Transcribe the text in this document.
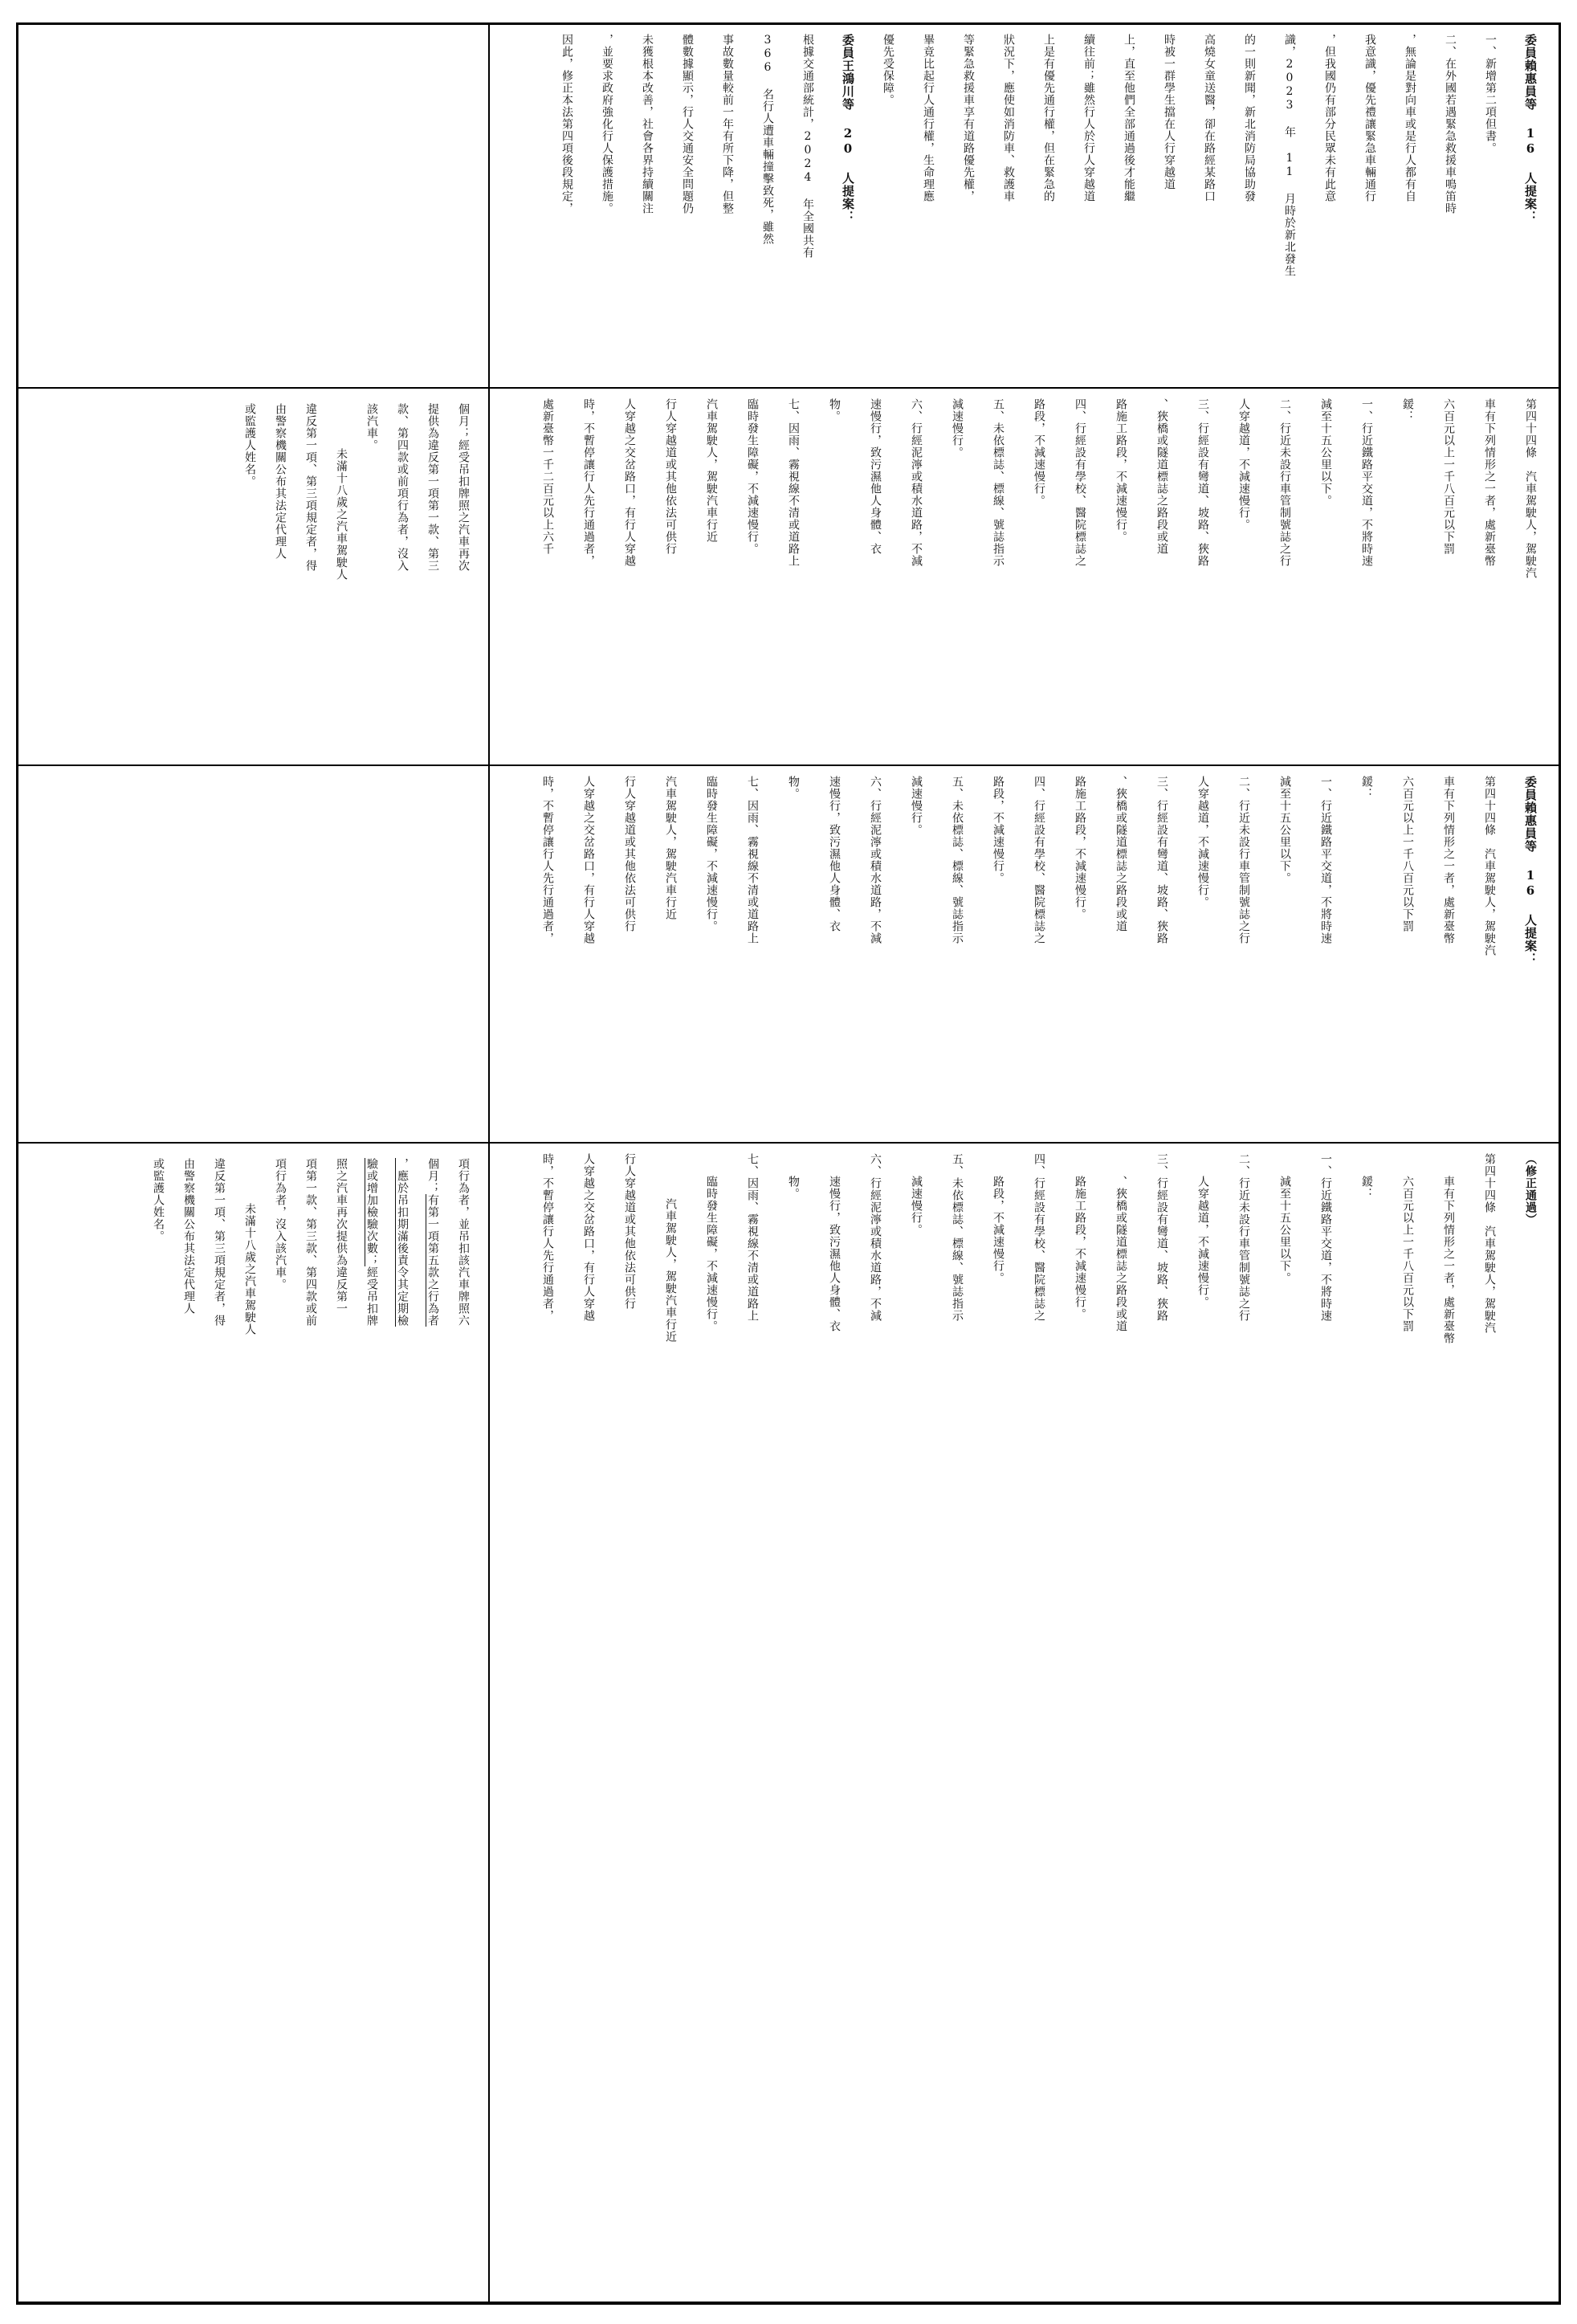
項行為者，並吊扣該汽車牌照六
個月；有第一項第五款之行為者
，應於吊扣期滿後責令其定期檢
驗或增加檢驗次數；經受吊扣牌
照之汽車再次提供為違反第一
項第一款、第三款、第四款或前
項行為者，沒入該汽車。
未滿十八歲之汽車駕駛人
違反第一項、第三項規定者，得
由警察機關公布其法定代理人
或監護人姓名。
個月；經受吊扣牌照之汽車再次
提供為違反第一項第一款、第三
款、第四款或前項行為者，沒入
該汽車。
未滿十八歲之汽車駕駛人
違反第一項、第三項規定者，得
由警察機關公布其法定代理人
或監護人姓名。
（修正通過）
第四十四條　汽車駕駛人，駕駛汽
車有下列情形之一者，處新臺幣
六百元以上一千八百元以下罰
鍰：
一、行近鐵路平交道，不將時速
減至十五公里以下。
二、行近未設行車管制號誌之行
人穿越道，不減速慢行。
三、行經設有彎道、坡路、狹路
、狹橋或隧道標誌之路段或道
路施工路段，不減速慢行。
四、行經設有學校、醫院標誌之
路段，不減速慢行。
五、未依標誌、標線、號誌指示
減速慢行。
六、行經泥濘或積水道路，不減
速慢行，致污濕他人身體、衣
物。
七、因雨、霧視線不清或道路上
臨時發生障礙，不減速慢行。
汽車駕駛人，駕駛汽車行近
行人穿越道或其他依法可供行
人穿越之交岔路口，有行人穿越
時，不暫停讓行人先行通過者，
委員賴惠員等 16 人提案：
第四十四條　汽車駕駛人，駕駛汽
車有下列情形之一者，處新臺幣
六百元以上一千八百元以下罰
鍰：
一、行近鐵路平交道，不將時速
減至十五公里以下。
二、行近未設行車管制號誌之行
人穿越道，不減速慢行。
三、行經設有彎道、坡路、狹路
、狹橋或隧道標誌之路段或道
路施工路段，不減速慢行。
四、行經設有學校、醫院標誌之
路段，不減速慢行。
五、未依標誌、標線、號誌指示
減速慢行。
六、行經泥濘或積水道路，不減
速慢行，致污濕他人身體、衣
物。
七、因雨、霧視線不清或道路上
臨時發生障礙，不減速慢行。
汽車駕駛人，駕駛汽車行近
行人穿越道或其他依法可供行
人穿越之交岔路口，有行人穿越
時，不暫停讓行人先行通過者，
第四十四條　汽車駕駛人，駕駛汽
車有下列情形之一者，處新臺幣
六百元以上一千八百元以下罰
鍰：
一、行近鐵路平交道，不將時速
減至十五公里以下。
二、行近未設行車管制號誌之行
人穿越道，不減速慢行。
三、行經設有彎道、坡路、狹路
、狹橋或隧道標誌之路段或道
路施工路段，不減速慢行。
四、行經設有學校、醫院標誌之
路段，不減速慢行。
五、未依標誌、標線、號誌指示
減速慢行。
六、行經泥濘或積水道路，不減
速慢行，致污濕他人身體、衣
物。
七、因雨、霧視線不清或道路上
臨時發生障礙，不減速慢行。
汽車駕駛人，駕駛汽車行近
行人穿越道或其他依法可供行
人穿越之交岔路口，有行人穿越
時，不暫停讓行人先行通過者，
處新臺幣一千二百元以上六千
委員賴惠員等 16 人提案：
一、新增第二項但書。
二、在外國若遇緊急救援車鳴笛時
，無論是對向車或是行人都有自
我意識，優先禮讓緊急車輛通行
，但我國仍有部分民眾未有此意
識，2023 年 11 月時於新北發生
的一則新聞，新北消防局協助發
高燒女童送醫，卻在路經某路口
時被一群學生擋在人行穿越道
上，直至他們全部通過後才能繼
續往前；雖然行人於行人穿越道
上是有優先通行權，但在緊急的
狀況下，應使如消防車、救護車
等緊急救援車享有道路優先權，
畢竟比起行人通行權，生命理應
優先受保障。
委員王鴻川等 20 人提案：
根據交通部統計，2024 年全國共有
366 名行人遭車輛撞擊致死，雖然
事故數量較前一年有所下降，但整
體數據顯示，行人交通安全問題仍
未獲根本改善，社會各界持續關注
，並要求政府強化行人保護措施。
因此，修正本法第四項後段規定，
